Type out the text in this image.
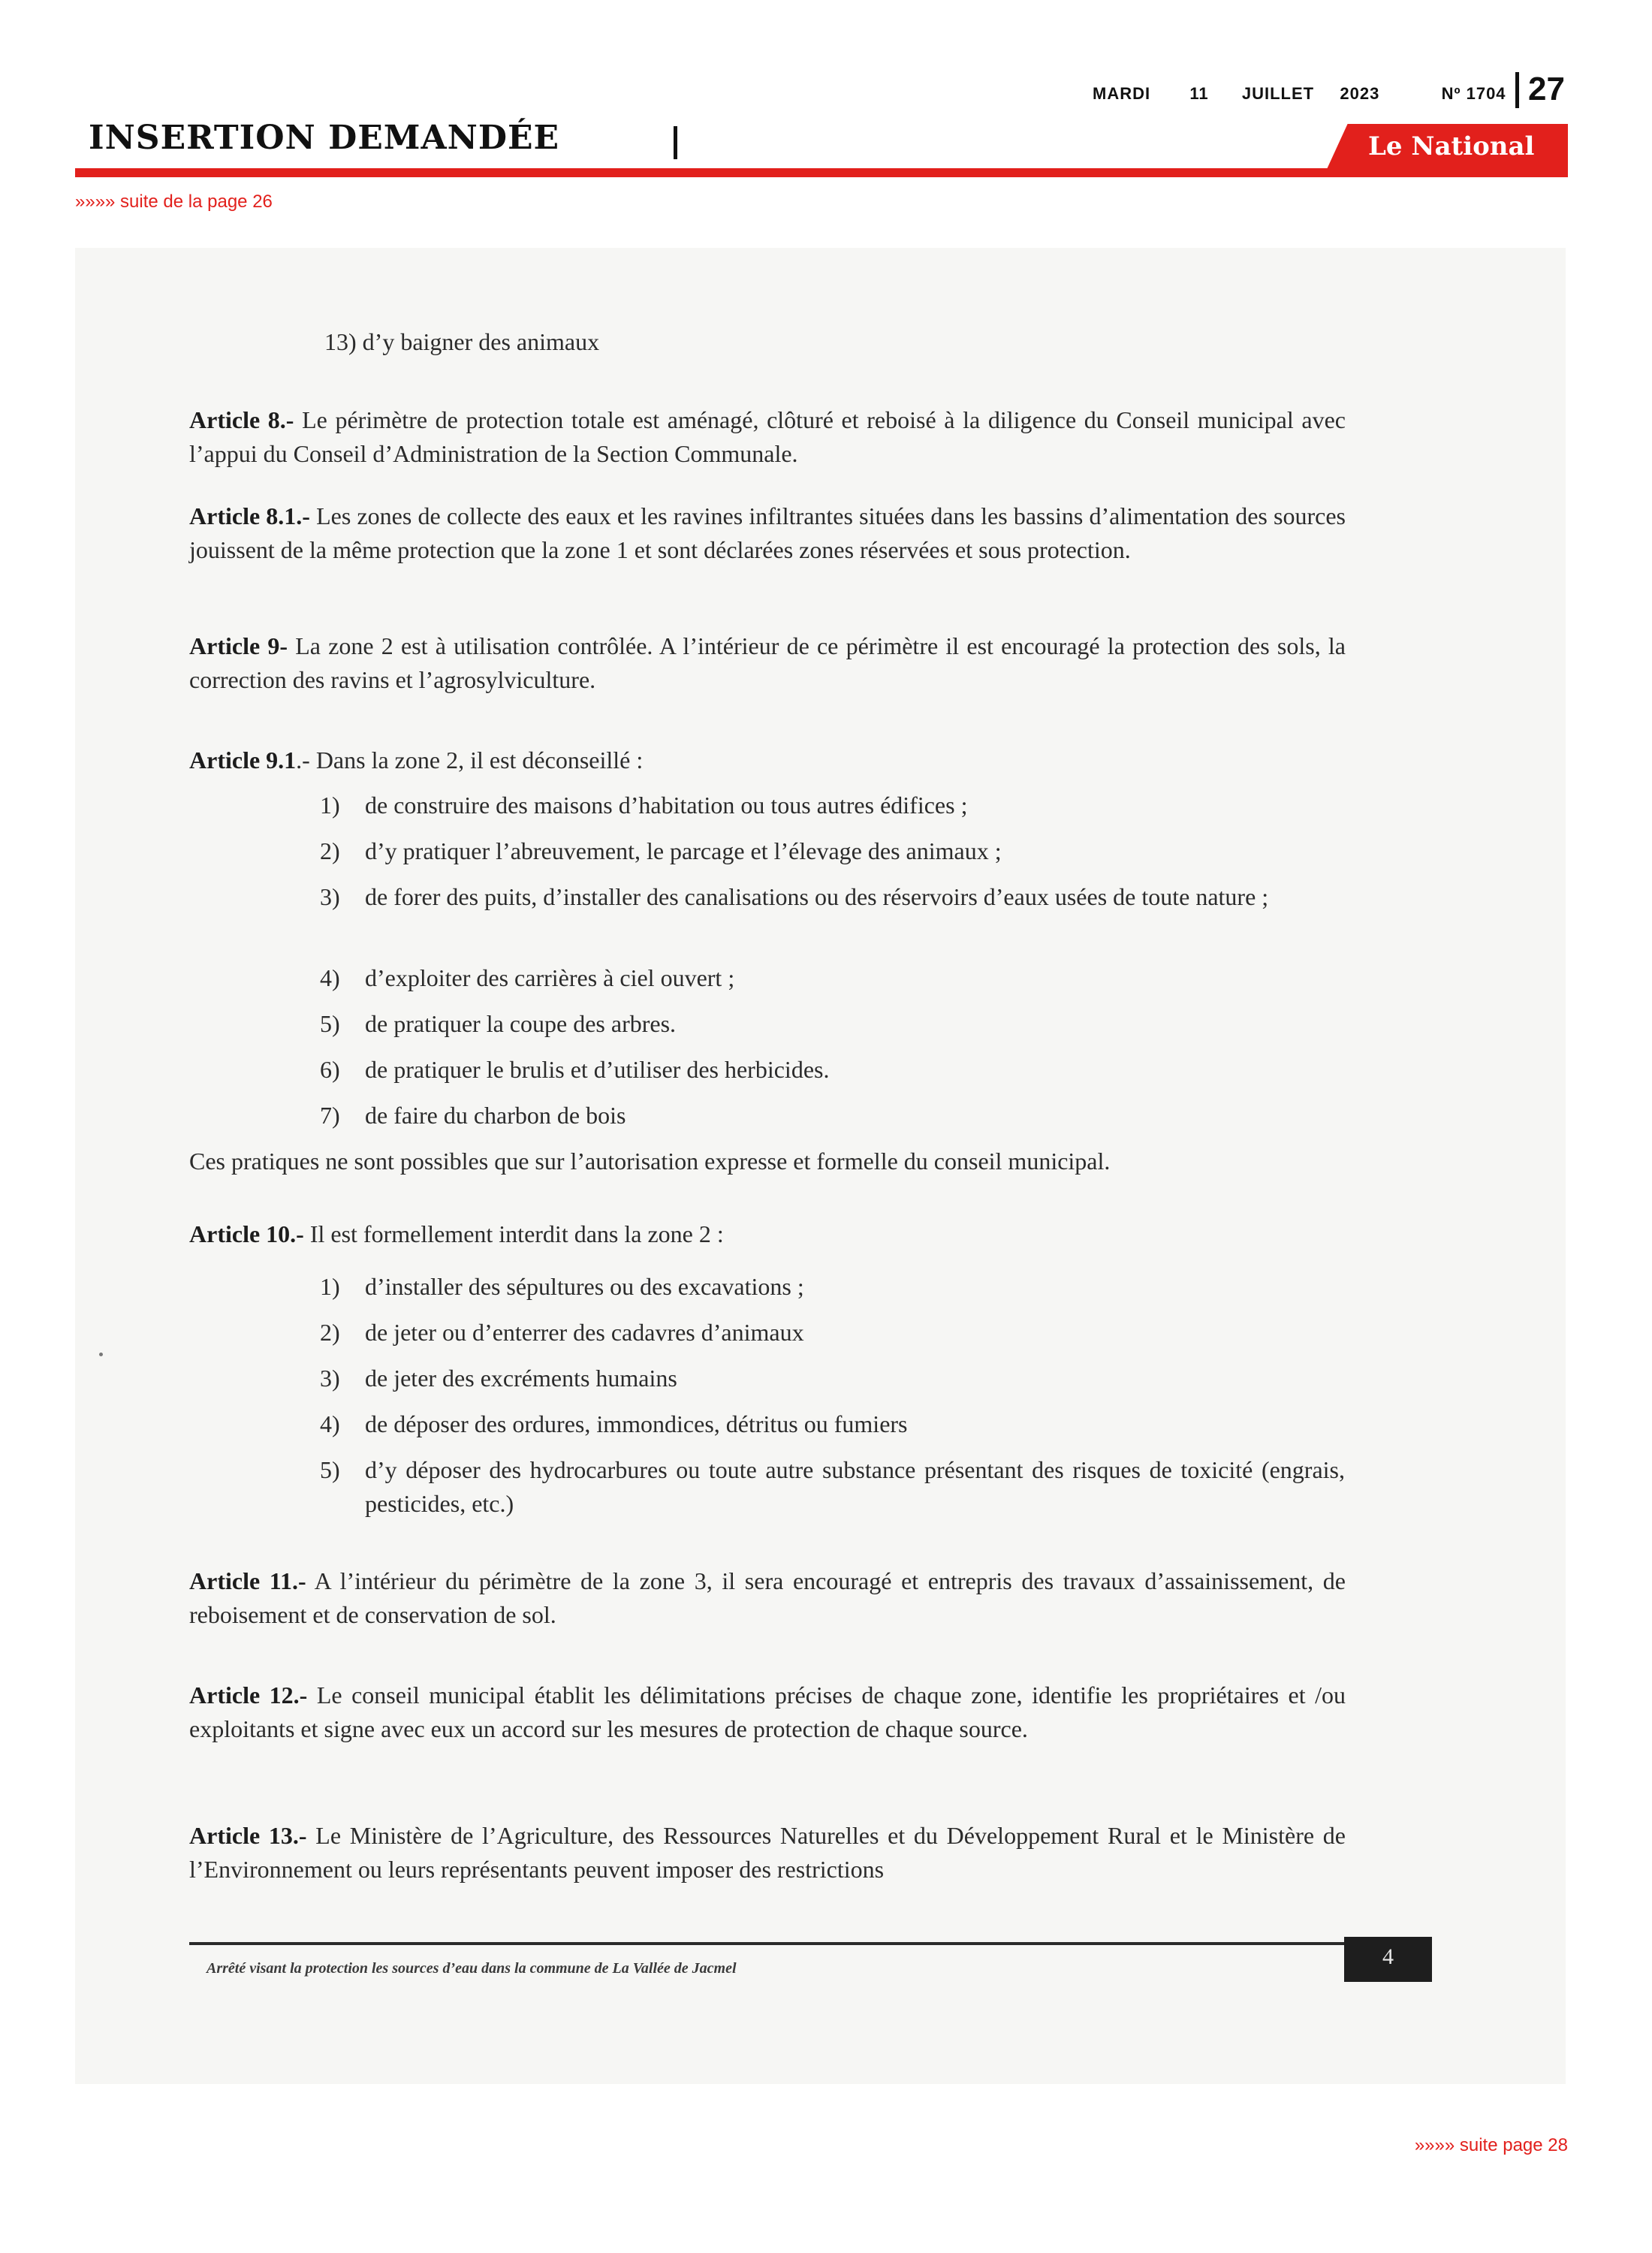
MARDI 11 JUILLET 2023	Nº 1704 27
INSERTION DEMANDÉE	Le National
»»»» suite de la page 26
13) d’y baigner des animaux
Article 8.- Le périmètre de protection totale est aménagé, clôturé et reboisé à la diligence du Conseil municipal avec l’appui du Conseil d’Administration de la Section Communale.
Article 8.1.- Les zones de collecte des eaux et les ravines infiltrantes situées dans les bassins d’alimentation des sources jouissent de la même protection que la zone 1 et sont déclarées zones réservées et sous protection.
Article 9- La zone 2 est à utilisation contrôlée. A l’intérieur de ce périmètre il est encouragé la protection des sols, la correction des ravins et l’agrosylviculture.
Article 9.1.- Dans la zone 2, il est déconseillé :
1)	de construire des maisons d’habitation ou tous autres édifices ;
2)	d’y pratiquer l’abreuvement, le parcage et l’élevage des animaux ;
3)	de forer des puits, d’installer des canalisations ou des réservoirs d’eaux usées de toute nature ;
4)	d’exploiter des carrières à ciel ouvert ;
5)	de pratiquer la coupe des arbres.
6)	de pratiquer le brulis et d’utiliser des herbicides.
7)	de faire du charbon de bois
Ces pratiques ne sont possibles que sur l’autorisation expresse et formelle du conseil municipal.
Article 10.- Il est formellement interdit dans la zone 2 :
1)	d’installer des sépultures ou des excavations ;
2)	de jeter ou d’enterrer des cadavres d’animaux
3)	de jeter des excréments humains
4)	de déposer des ordures, immondices, détritus ou fumiers
5)	d’y déposer des hydrocarbures ou toute autre substance présentant des risques de toxicité (engrais, pesticides, etc.)
Article 11.- A l’intérieur du périmètre de la zone 3, il sera encouragé et entrepris des travaux d’assainissement, de reboisement et de conservation de sol.
Article 12.- Le conseil municipal établit les délimitations précises de chaque zone, identifie les propriétaires et /ou exploitants et signe avec eux un accord sur les mesures de protection de chaque source.
Article 13.- Le Ministère de l’Agriculture, des Ressources Naturelles et du Développement Rural et le Ministère de l’Environnement ou leurs représentants peuvent imposer des restrictions
Arrêté visant la protection les sources d’eau dans la commune de La Vallée de Jacmel	4
»»»» suite page 28
